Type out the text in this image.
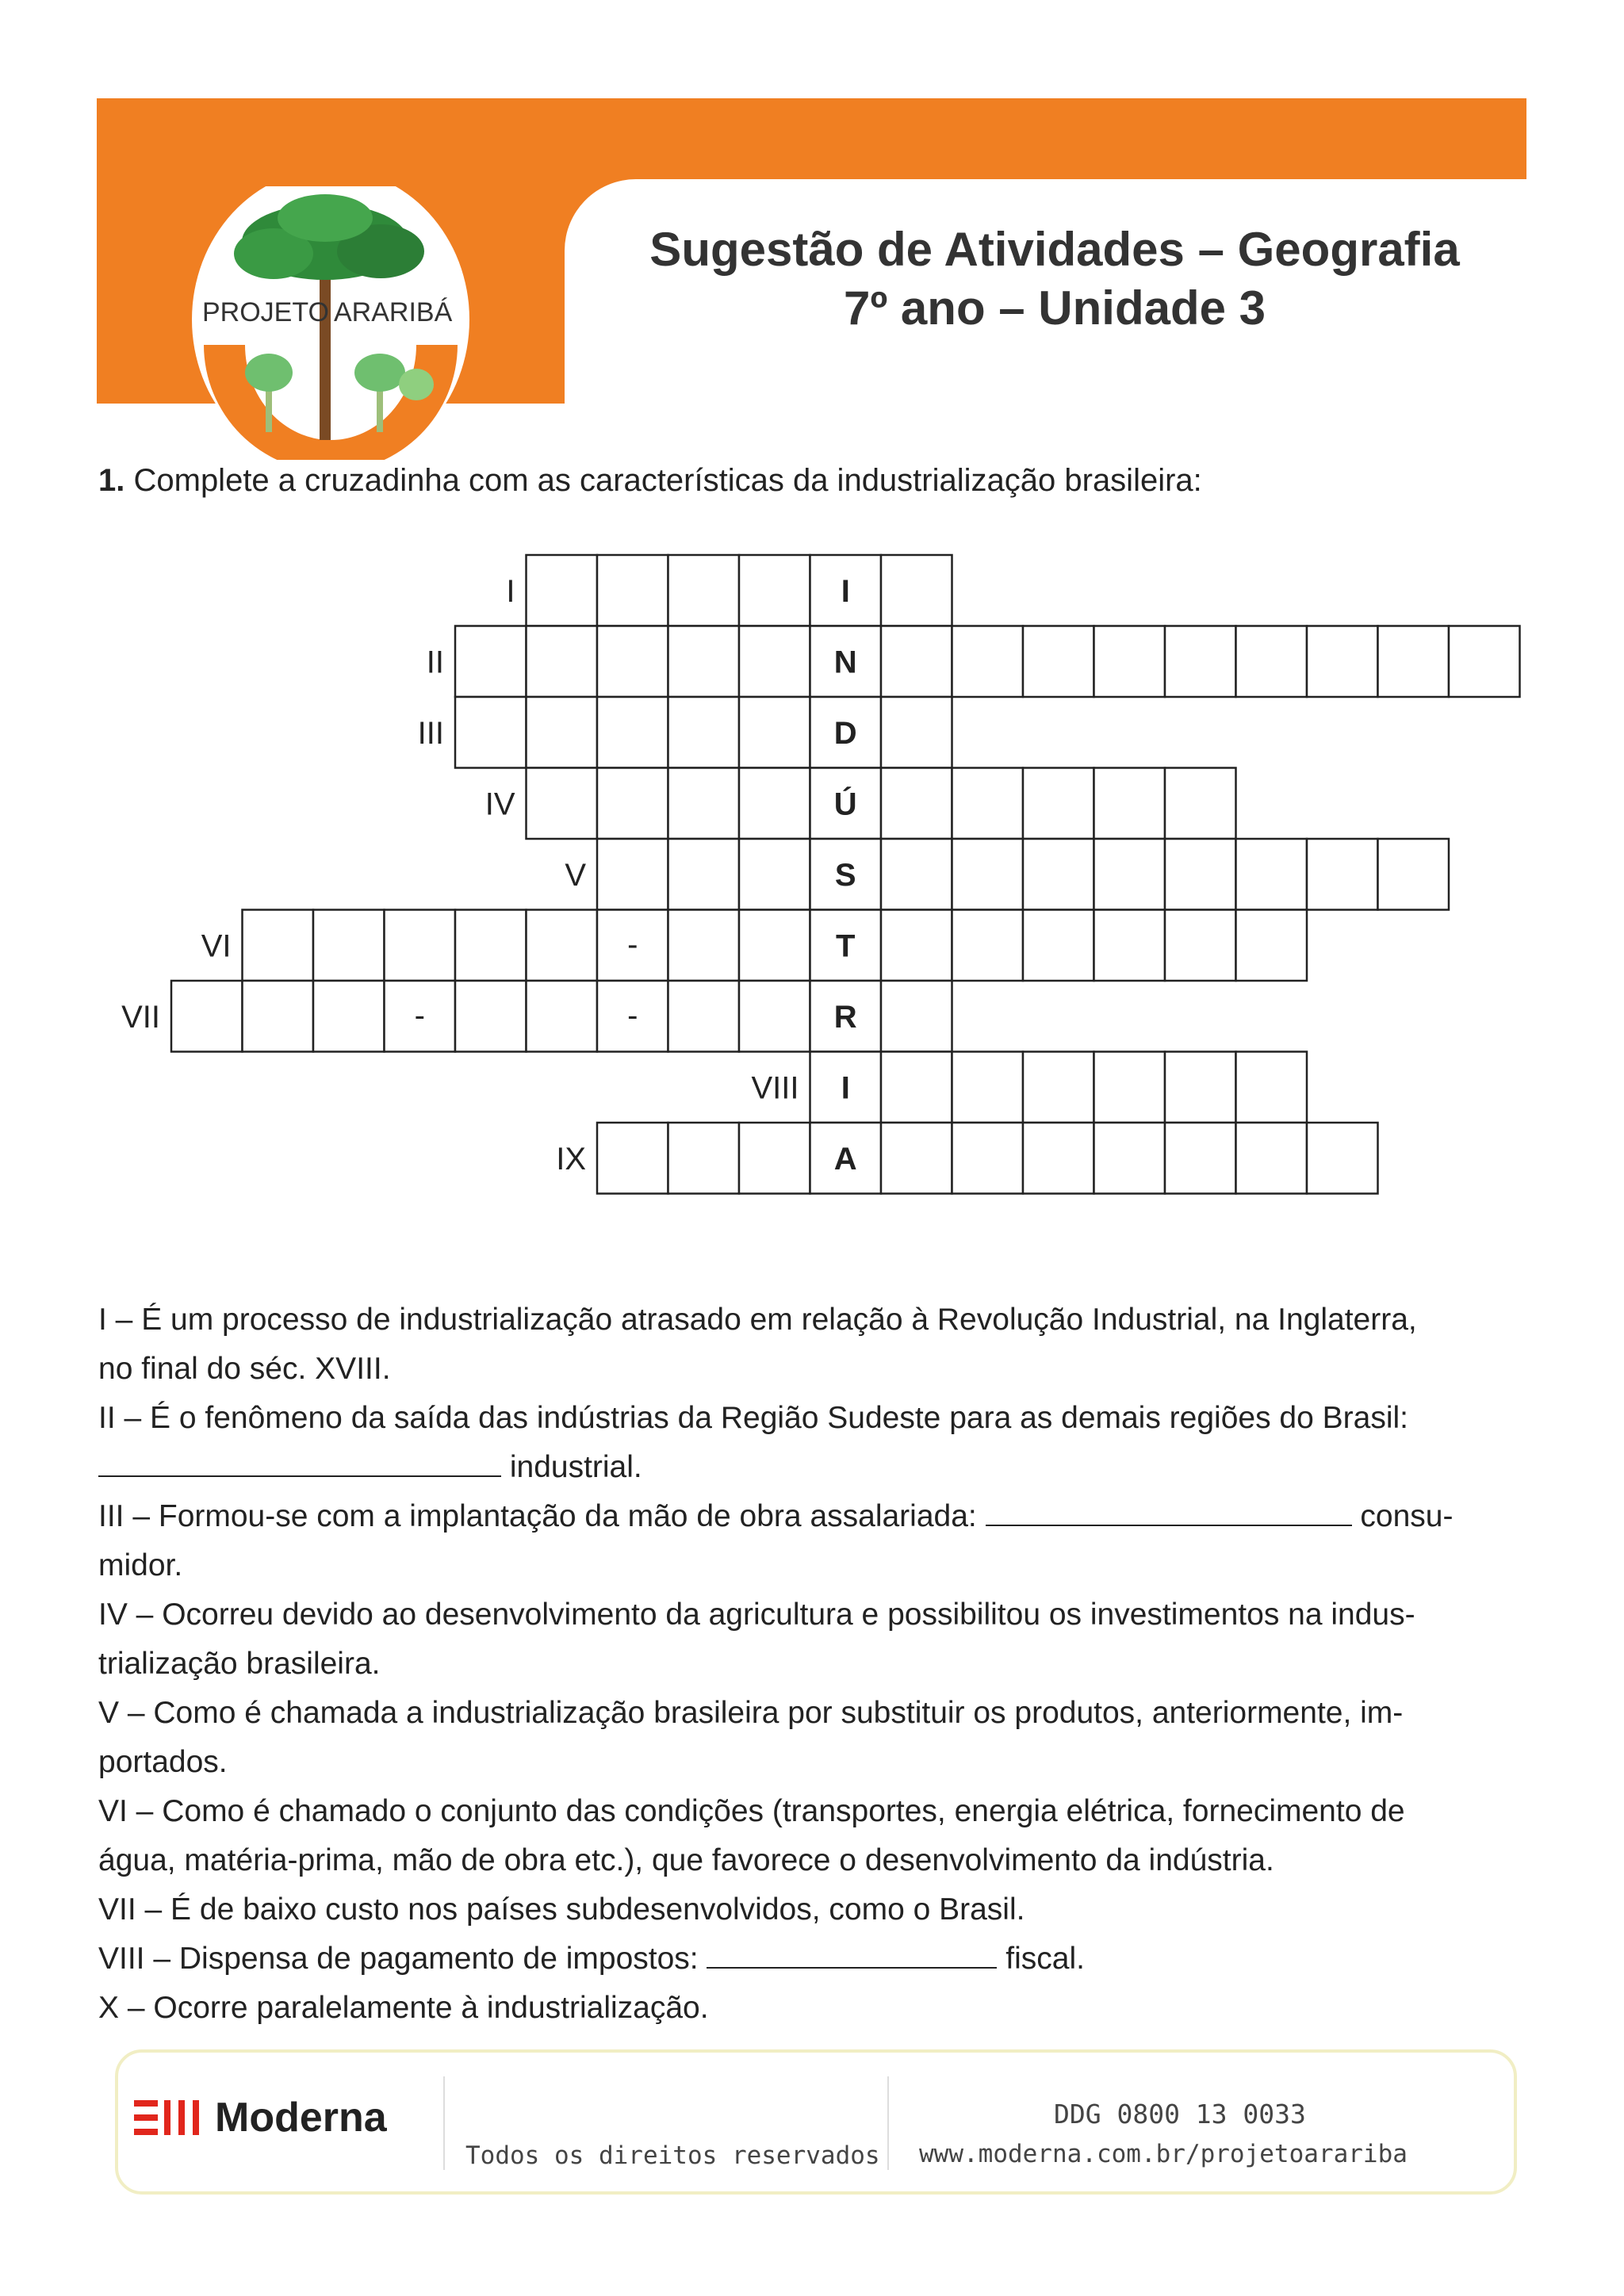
PROJETO ARARIBÁ
Sugestão de Atividades – Geografia
7º ano – Unidade 3
1. Complete a cruzadinha com as características da industrialização brasileira:
I
I
N
II
D
III
Ú
IV
S
V
T
-
VI
R
-	-
VII
I
VIII
A
IX

I – É um processo de industrialização atrasado em relação à Revolução Industrial, na Inglaterra,
no final do séc. XVIII.

II – É o fenômeno da saída das indústrias da Região Sudeste para as demais regiões do Brasil:
industrial.

III – Formou-se com a implantação da mão de obra assalariada:	consu-
midor.

IV – Ocorreu devido ao desenvolvimento da agricultura e possibilitou os investimentos na indus-
trialização brasileira.

V – Como é chamada a industrialização brasileira por substituir os produtos, anteriormente, im-
portados.

VI – Como é chamado o conjunto das condições (transportes, energia elétrica, fornecimento de
água, matéria-prima, mão de obra etc.), que favorece o desenvolvimento da indústria.

VII – É de baixo custo nos países subdesenvolvidos, como o Brasil.

VIII – Dispensa de pagamento de impostos:	fiscal.

X – Ocorre paralelamente à industrialização.

Moderna
Todos os direitos reservados
DDG 0800 13 0033
www.moderna.com.br/projetoarariba
